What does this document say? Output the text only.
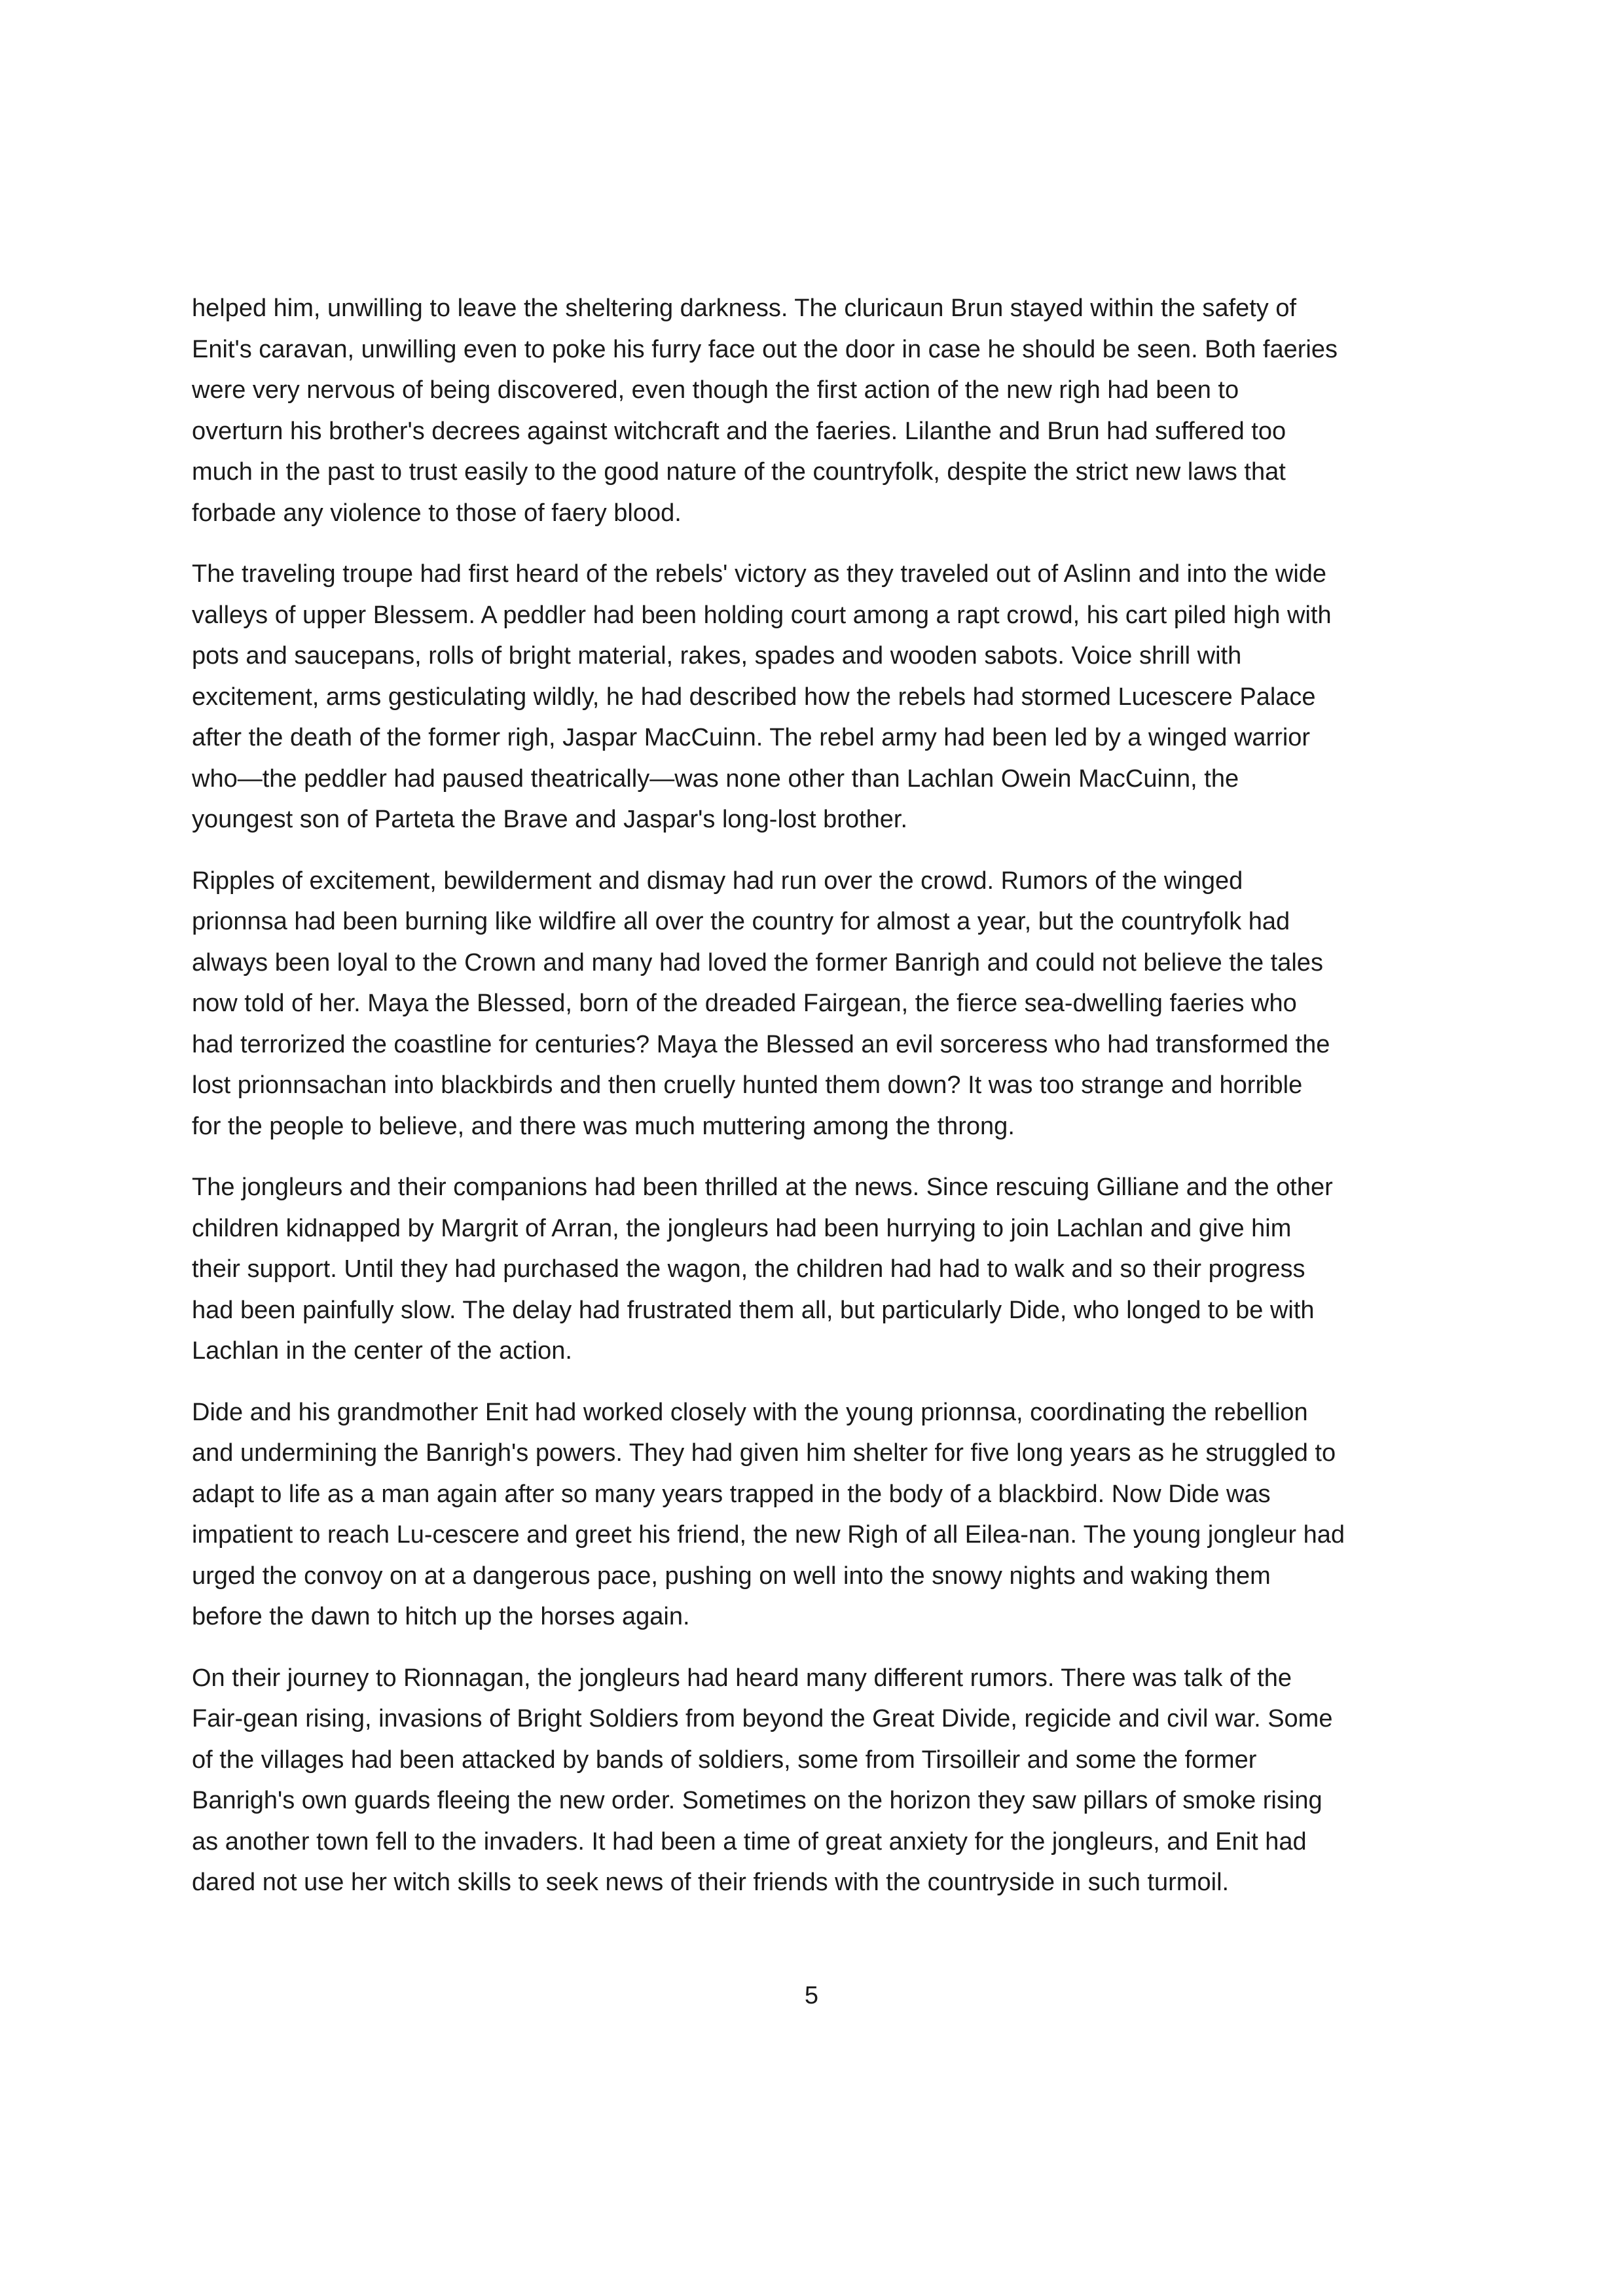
helped him, unwilling to leave the sheltering darkness. The cluricaun Brun stayed within the safety of
Enit's caravan, unwilling even to poke his furry face out the door in case he should be seen. Both faeries
were very nervous of being discovered, even though the first action of the new righ had been to
overturn his brother's decrees against witchcraft and the faeries. Lilanthe and Brun had suffered too
much in the past to trust easily to the good nature of the countryfolk, despite the strict new laws that
forbade any violence to those of faery blood.

The traveling troupe had first heard of the rebels' victory as they traveled out of Aslinn and into the wide
valleys of upper Blessem. A peddler had been holding court among a rapt crowd, his cart piled high with
pots and saucepans, rolls of bright material, rakes, spades and wooden sabots. Voice shrill with
excitement, arms gesticulating wildly, he had described how the rebels had stormed Lucescere Palace
after the death of the former righ, Jaspar MacCuinn. The rebel army had been led by a winged warrior
who—the peddler had paused theatrically—was none other than Lachlan Owein MacCuinn, the
youngest son of Parteta the Brave and Jaspar's long-lost brother.

Ripples of excitement, bewilderment and dismay had run over the crowd. Rumors of the winged
prionnsa had been burning like wildfire all over the country for almost a year, but the countryfolk had
always been loyal to the Crown and many had loved the former Banrigh and could not believe the tales
now told of her. Maya the Blessed, born of the dreaded Fairgean, the fierce sea-dwelling faeries who
had terrorized the coastline for centuries? Maya the Blessed an evil sorceress who had transformed the
lost prionnsachan into blackbirds and then cruelly hunted them down? It was too strange and horrible
for the people to believe, and there was much muttering among the throng.

The jongleurs and their companions had been thrilled at the news. Since rescuing Gilliane and the other
children kidnapped by Margrit of Arran, the jongleurs had been hurrying to join Lachlan and give him
their support. Until they had purchased the wagon, the children had had to walk and so their progress
had been painfully slow. The delay had frustrated them all, but particularly Dide, who longed to be with
Lachlan in the center of the action.

Dide and his grandmother Enit had worked closely with the young prionnsa, coordinating the rebellion
and undermining the Banrigh's powers. They had given him shelter for five long years as he struggled to
adapt to life as a man again after so many years trapped in the body of a blackbird. Now Dide was
impatient to reach Lu-cescere and greet his friend, the new Righ of all Eilea-nan. The young jongleur had
urged the convoy on at a dangerous pace, pushing on well into the snowy nights and waking them
before the dawn to hitch up the horses again.

On their journey to Rionnagan, the jongleurs had heard many different rumors. There was talk of the
Fair-gean rising, invasions of Bright Soldiers from beyond the Great Divide, regicide and civil war. Some
of the villages had been attacked by bands of soldiers, some from Tirsoilleir and some the former
Banrigh's own guards fleeing the new order. Sometimes on the horizon they saw pillars of smoke rising
as another town fell to the invaders. It had been a time of great anxiety for the jongleurs, and Enit had
dared not use her witch skills to seek news of their friends with the countryside in such turmoil.

5
